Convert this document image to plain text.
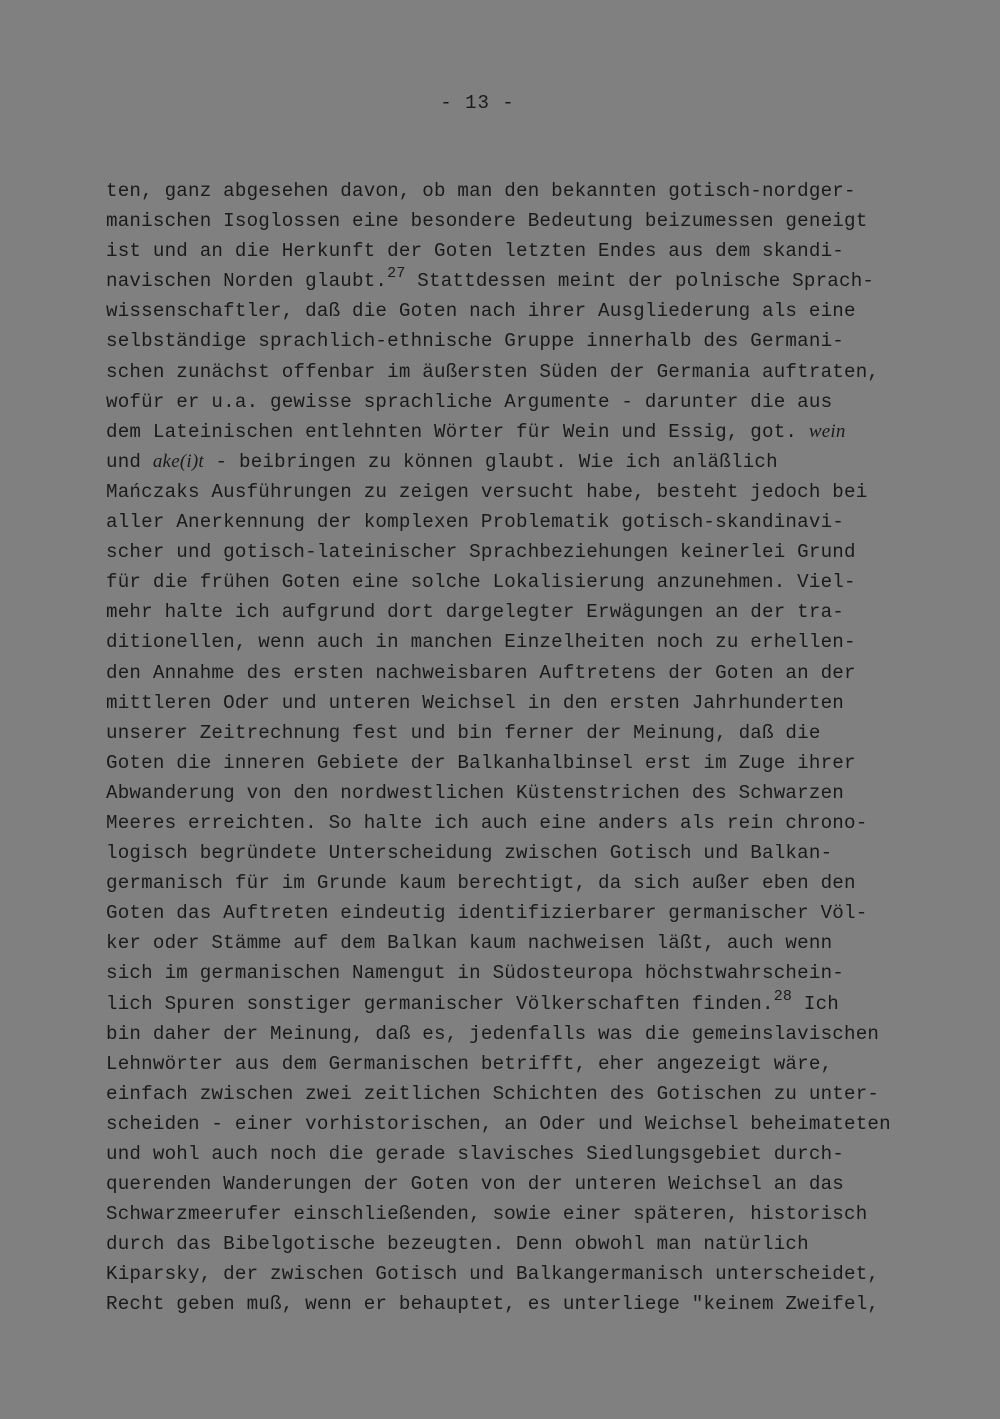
- 13 -
ten, ganz abgesehen davon, ob man den bekannten gotisch-nordger-
manischen Isoglossen eine besondere Bedeutung beizumessen geneigt
ist und an die Herkunft der Goten letzten Endes aus dem skandi-
navischen Norden glaubt.$^{27}$ Stattdessen meint der polnische Sprach-
wissenschaftler, daß die Goten nach ihrer Ausgliederung als eine
selbständige sprachlich-ethnische Gruppe innerhalb des Germani-
schen zunächst offenbar im äußersten Süden der Germania auftraten,
wofür er u.a. gewisse sprachliche Argumente - darunter die aus
dem Lateinischen entlehnten Wörter für Wein und Essig, got. wein
und ake(i)t - beibringen zu können glaubt. Wie ich anläßlich
Mańczaks Ausführungen zu zeigen versucht habe, besteht jedoch bei
aller Anerkennung der komplexen Problematik gotisch-skandinavi-
scher und gotisch-lateinischer Sprachbeziehungen keinerlei Grund
für die frühen Goten eine solche Lokalisierung anzunehmen. Viel-
mehr halte ich aufgrund dort dargelegter Erwägungen an der tra-
ditionellen, wenn auch in manchen Einzelheiten noch zu erhellen-
den Annahme des ersten nachweisbaren Auftretens der Goten an der
mittleren Oder und unteren Weichsel in den ersten Jahrhunderten
unserer Zeitrechnung fest und bin ferner der Meinung, daß die
Goten die inneren Gebiete der Balkanhalbinsel erst im Zuge ihrer
Abwanderung von den nordwestlichen Küstenstrichen des Schwarzen
Meeres erreichten. So halte ich auch eine anders als rein chrono-
logisch begründete Unterscheidung zwischen Gotisch und Balkan-
germanisch für im Grunde kaum berechtigt, da sich außer eben den
Goten das Auftreten eindeutig identifizierbarer germanischer Völ-
ker oder Stämme auf dem Balkan kaum nachweisen läßt, auch wenn
sich im germanischen Namengut in Südosteuropa höchstwahrschein-
lich Spuren sonstiger germanischer Völkerschaften finden.$^{28}$ Ich
bin daher der Meinung, daß es, jedenfalls was die gemeinslavischen
Lehnwörter aus dem Germanischen betrifft, eher angezeigt wäre,
einfach zwischen zwei zeitlichen Schichten des Gotischen zu unter-
scheiden - einer vorhistorischen, an Oder und Weichsel beheimateten
und wohl auch noch die gerade slavisches Siedlungsgebiet durch-
querenden Wanderungen der Goten von der unteren Weichsel an das
Schwarzmeerufer einschließenden, sowie einer späteren, historisch
durch das Bibelgotische bezeugten. Denn obwohl man natürlich
Kiparsky, der zwischen Gotisch und Balkangermanisch unterscheidet,
Recht geben muß, wenn er behauptet, es unterliege "keinem Zweifel,
